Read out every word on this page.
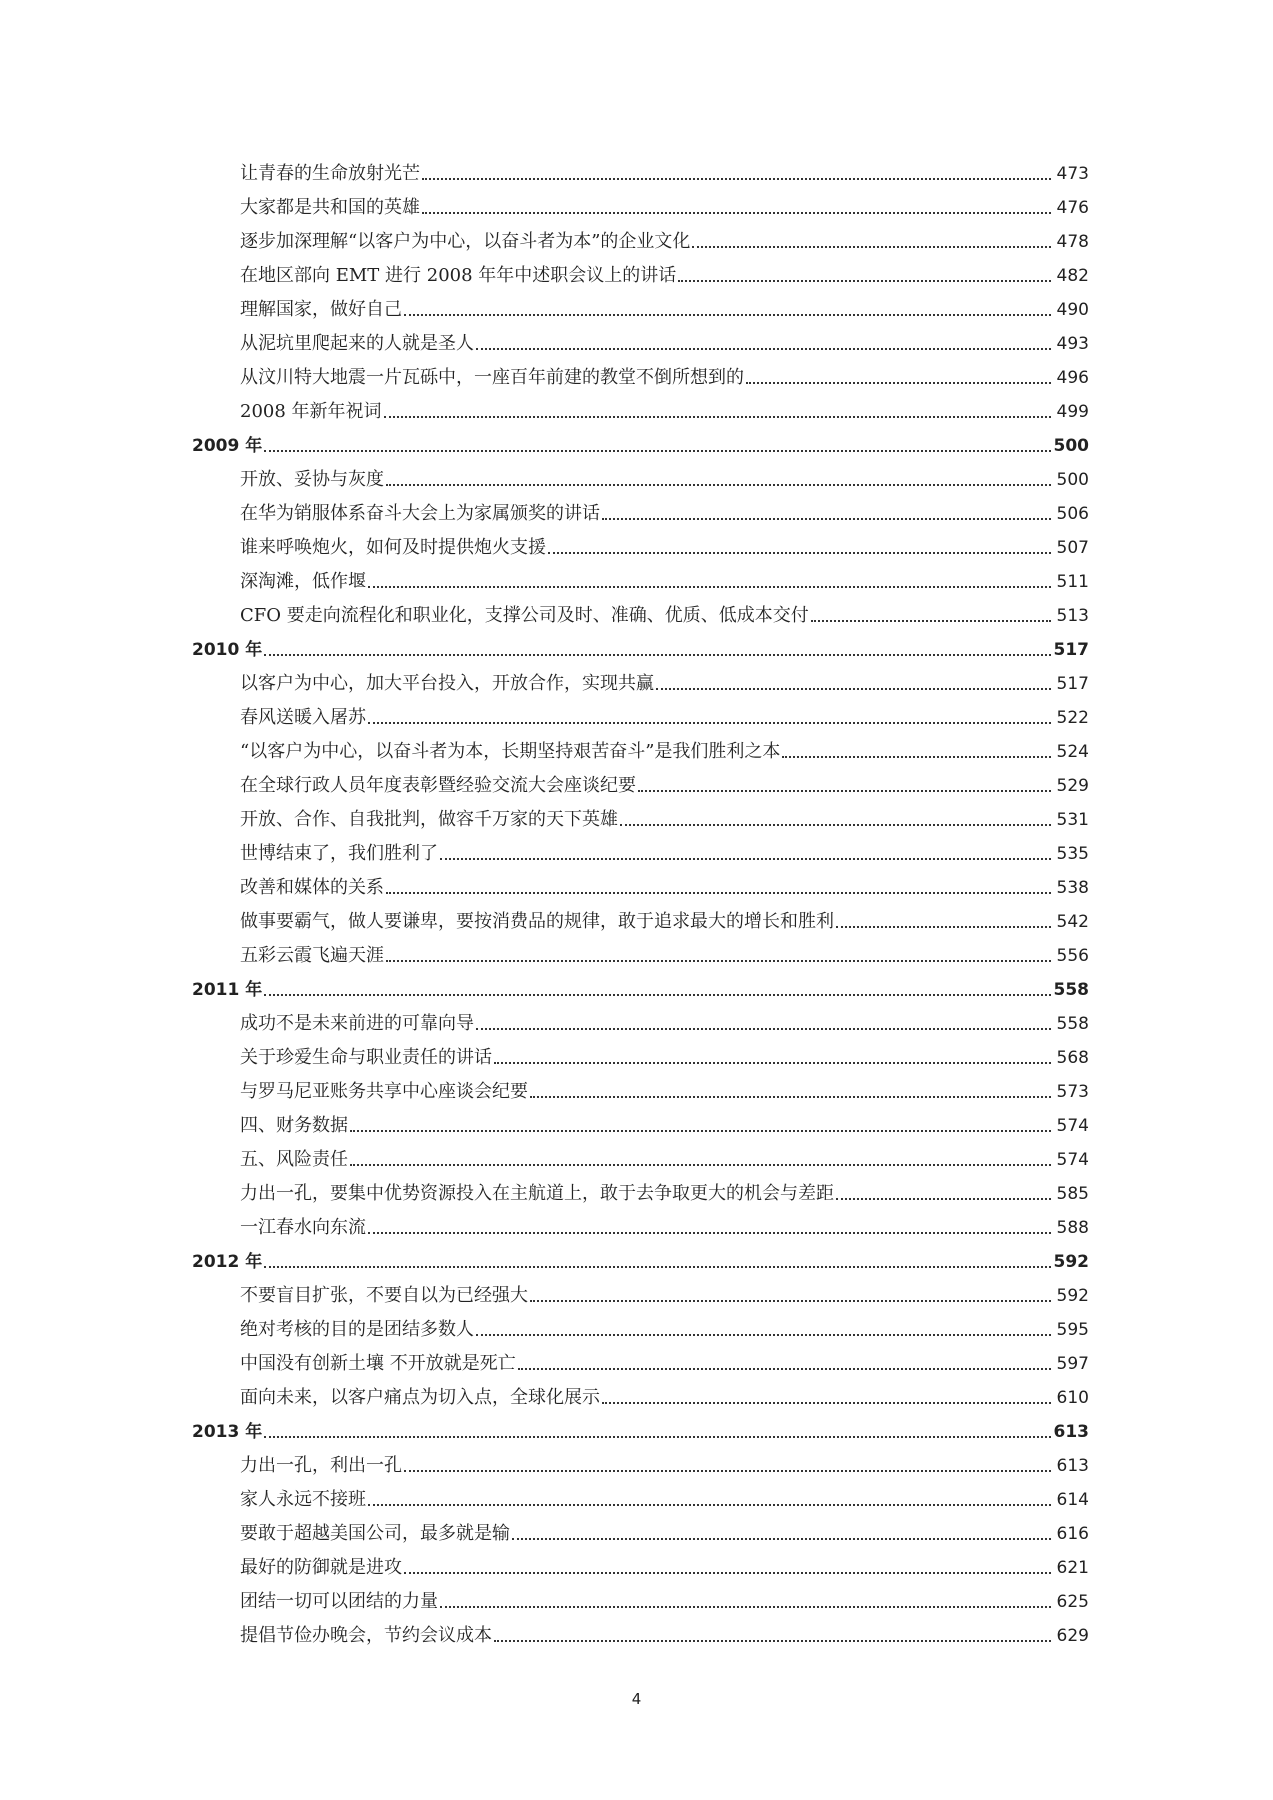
让青春的生命放射光芒	473
大家都是共和国的英雄	476
逐步加深理解“以客户为中心，以奋斗者为本”的企业文化	478
在地区部向 EMT 进行 2008 年年中述职会议上的讲话	482
理解国家，做好自己	490
从泥坑里爬起来的人就是圣人	493
从汶川特大地震一片瓦砾中，一座百年前建的教堂不倒所想到的	496
2008 年新年祝词	499
2009 年	500
开放、妥协与灰度	500
在华为销服体系奋斗大会上为家属颁奖的讲话	506
谁来呼唤炮火，如何及时提供炮火支援	507
深淘滩，低作堰	511
CFO 要走向流程化和职业化，支撑公司及时、准确、优质、低成本交付	513
2010 年	517
以客户为中心，加大平台投入，开放合作，实现共赢	517
春风送暖入屠苏	522
“以客户为中心，以奋斗者为本，长期坚持艰苦奋斗”是我们胜利之本	524
在全球行政人员年度表彰暨经验交流大会座谈纪要	529
开放、合作、自我批判，做容千万家的天下英雄	531
世博结束了，我们胜利了	535
改善和媒体的关系	538
做事要霸气，做人要谦卑，要按消费品的规律，敢于追求最大的增长和胜利	542
五彩云霞飞遍天涯	556
2011 年	558
成功不是未来前进的可靠向导	558
关于珍爱生命与职业责任的讲话	568
与罗马尼亚账务共享中心座谈会纪要	573
四、财务数据	574
五、风险责任	574
力出一孔，要集中优势资源投入在主航道上，敢于去争取更大的机会与差距	585
一江春水向东流	588
2012 年	592
不要盲目扩张，不要自以为已经强大	592
绝对考核的目的是团结多数人	595
中国没有创新土壤 不开放就是死亡	597
面向未来，以客户痛点为切入点，全球化展示	610
2013 年	613
力出一孔，利出一孔	613
家人永远不接班	614
要敢于超越美国公司，最多就是输	616
最好的防御就是进攻	621
团结一切可以团结的力量	625
提倡节俭办晚会，节约会议成本	629
4
